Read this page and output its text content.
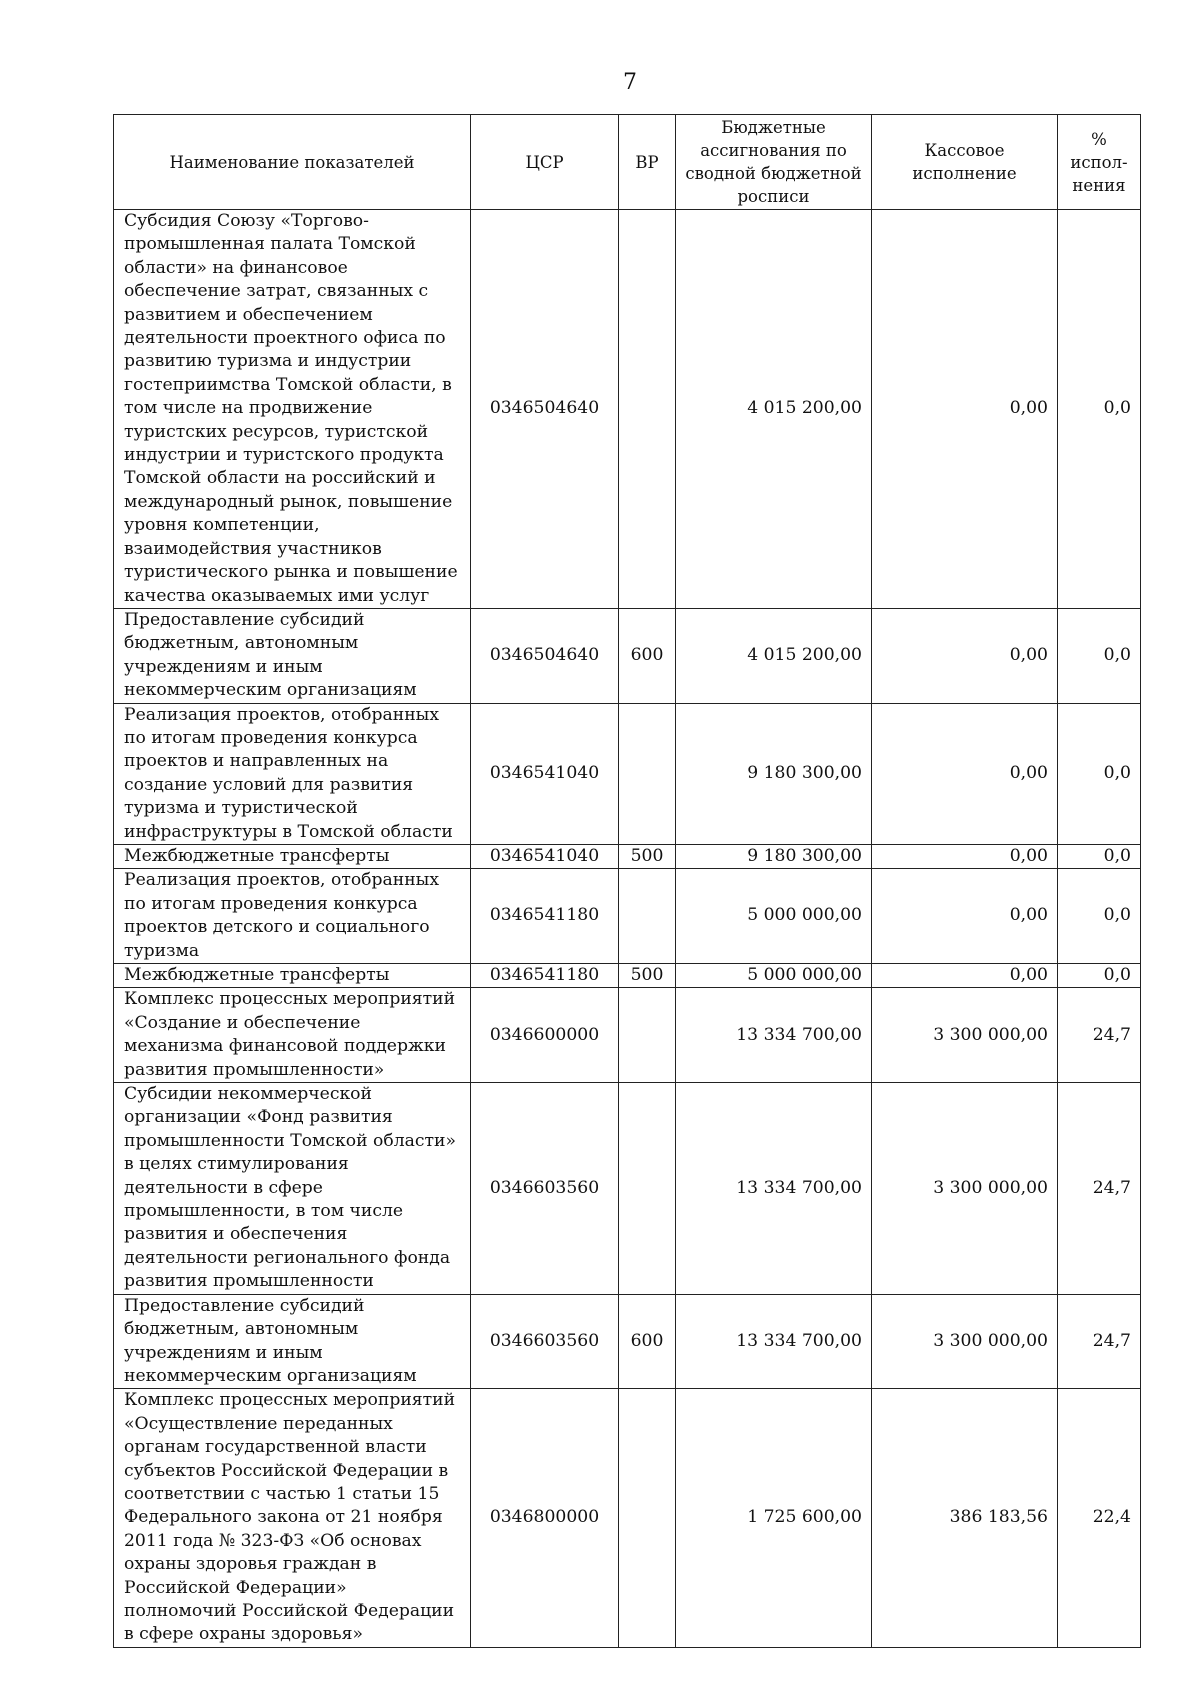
7
Наименование показателей	ЦСР	ВР	Бюджетные ассигнования по сводной бюджетной росписи	Кассовое исполнение	% испол-нения
Субсидия Союзу «Торгово-промышленная палата Томской области» на финансовое обеспечение затрат, связанных с развитием и обеспечением деятельности проектного офиса по развитию туризма и индустрии гостеприимства Томской области, в том числе на продвижение туристских ресурсов, туристской индустрии и туристского продукта Томской области на российский и международный рынок, повышение уровня компетенции, взаимодействия участников туристического рынка и повышение качества оказываемых ими услуг	0346504640		4 015 200,00	0,00	0,0
Предоставление субсидий бюджетным, автономным учреждениям и иным некоммерческим организациям	0346504640	600	4 015 200,00	0,00	0,0
Реализация проектов, отобранных по итогам проведения конкурса проектов и направленных на создание условий для развития туризма и туристической инфраструктуры в Томской области	0346541040		9 180 300,00	0,00	0,0
Межбюджетные трансферты	0346541040	500	9 180 300,00	0,00	0,0
Реализация проектов, отобранных по итогам проведения конкурса проектов детского и социального туризма	0346541180		5 000 000,00	0,00	0,0
Межбюджетные трансферты	0346541180	500	5 000 000,00	0,00	0,0
Комплекс процессных мероприятий «Создание и обеспечение механизма финансовой поддержки развития промышленности»	0346600000		13 334 700,00	3 300 000,00	24,7
Субсидии некоммерческой организации «Фонд развития промышленности Томской области» в целях стимулирования деятельности в сфере промышленности, в том числе развития и обеспечения деятельности регионального фонда развития промышленности	0346603560		13 334 700,00	3 300 000,00	24,7
Предоставление субсидий бюджетным, автономным учреждениям и иным некоммерческим организациям	0346603560	600	13 334 700,00	3 300 000,00	24,7
Комплекс процессных мероприятий «Осуществление переданных органам государственной власти субъектов Российской Федерации в соответствии с частью 1 статьи 15 Федерального закона от 21 ноября 2011 года № 323-ФЗ «Об основах охраны здоровья граждан в Российской Федерации» полномочий Российской Федерации в сфере охраны здоровья»	0346800000		1 725 600,00	386 183,56	22,4
